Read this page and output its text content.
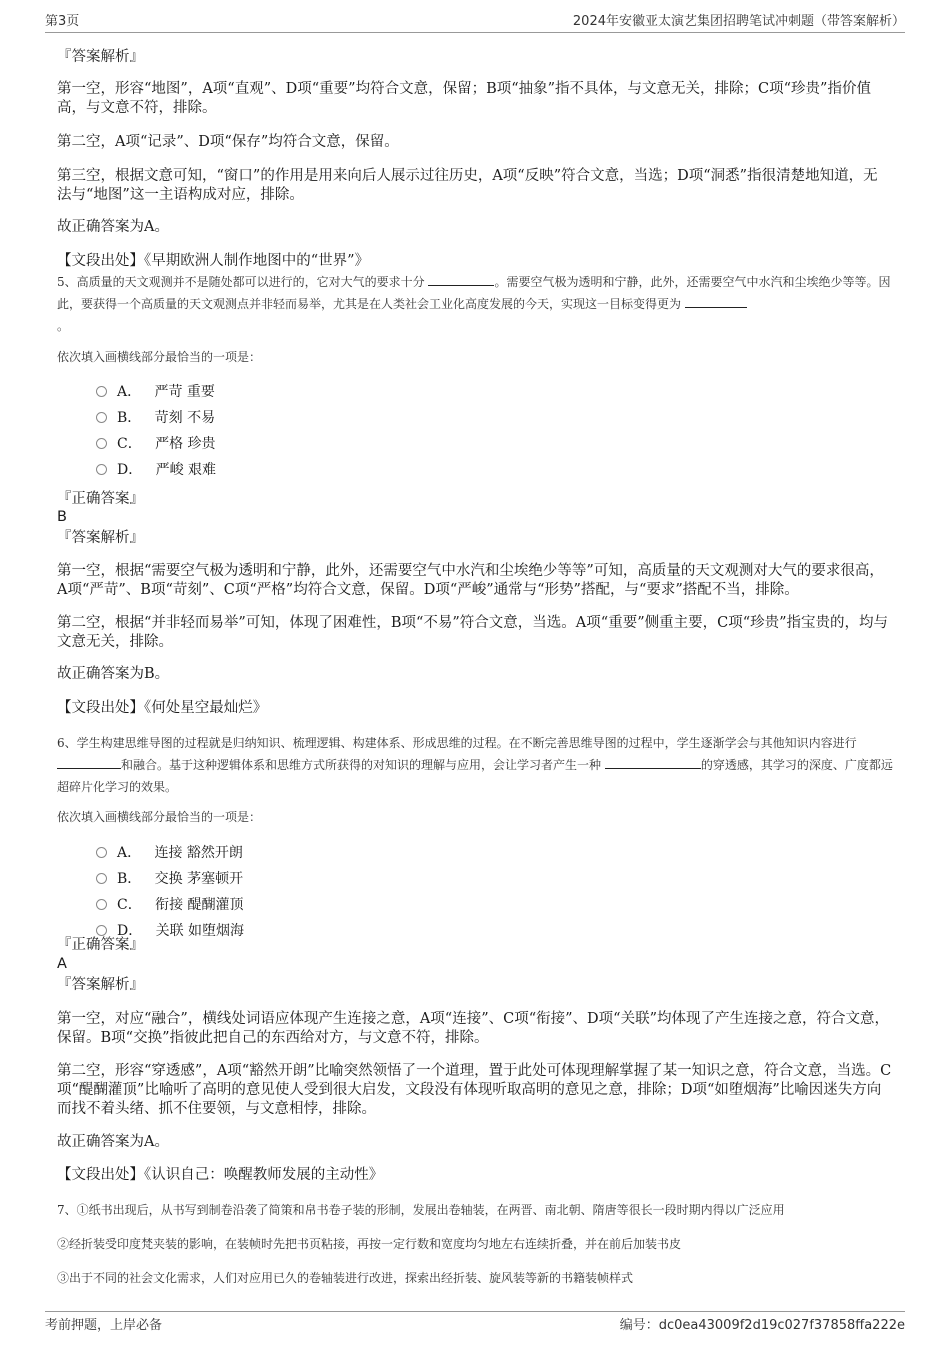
第3页	2024年安徽亚太演艺集团招聘笔试冲刺题（带答案解析）
『答案解析』
第一空，形容“地图”，A项“直观”、D项“重要”均符合文意，保留；B项“抽象”指不具体，与文意无关，排除；C项“珍贵”指价值高，与文意不符，排除。
第二空，A项“记录”、D项“保存”均符合文意，保留。
第三空，根据文意可知，“窗口”的作用是用来向后人展示过往历史，A项“反映”符合文意，当选；D项“洞悉”指很清楚地知道，无法与“地图”这一主语构成对应，排除。
故正确答案为A。
【文段出处】《早期欧洲人制作地图中的“世界”》
5、高质量的天文观测并不是随处都可以进行的，它对大气的要求十分	。需要空气极为透明和宁静，此外，还需要空气中水汽和尘埃绝少等等。因此，要获得一个高质量的天文观测点并非轻而易举，尤其是在人类社会工业化高度发展的今天，实现这一目标变得更为
。
依次填入画横线部分最恰当的一项是：
A． 严苛 重要
B． 苛刻 不易
C． 严格 珍贵
D． 严峻 艰难
『正确答案』
B
『答案解析』
第一空，根据“需要空气极为透明和宁静，此外，还需要空气中水汽和尘埃绝少等等”可知，高质量的天文观测对大气的要求很高，A项“严苛”、B项“苛刻”、C项“严格”均符合文意，保留。D项“严峻”通常与“形势”搭配，与“要求”搭配不当，排除。
第二空，根据“并非轻而易举”可知，体现了困难性，B项“不易”符合文意，当选。A项“重要”侧重主要，C项“珍贵”指宝贵的，均与文意无关，排除。
故正确答案为B。
【文段出处】《何处星空最灿烂》
6、学生构建思维导图的过程就是归纳知识、梳理逻辑、构建体系、形成思维的过程。在不断完善思维导图的过程中，学生逐渐学会与其他知识内容进行 和融合。基于这种逻辑体系和思维方式所获得的对知识的理解与应用，会让学习者产生一种	的穿透感，其学习的深度、广度都远超碎片化学习的效果。
依次填入画横线部分最恰当的一项是：
A． 连接 豁然开朗
B． 交换 茅塞顿开
C． 衔接 醍醐灌顶
D． 关联 如堕烟海
『正确答案』
A
『答案解析』
第一空，对应“融合”，横线处词语应体现产生连接之意，A项“连接”、C项“衔接”、D项“关联”均体现了产生连接之意，符合文意，保留。B项“交换”指彼此把自己的东西给对方，与文意不符，排除。
第二空，形容“穿透感”，A项“豁然开朗”比喻突然领悟了一个道理，置于此处可体现理解掌握了某一知识之意，符合文意，当选。C项“醍醐灌顶”比喻听了高明的意见使人受到很大启发，文段没有体现听取高明的意见之意，排除；D项“如堕烟海”比喻因迷失方向而找不着头绪、抓不住要领，与文意相悖，排除。
故正确答案为A。
【文段出处】《认识自己：唤醒教师发展的主动性》
7、①纸书出现后，从书写到制卷沿袭了简策和帛书卷子装的形制，发展出卷轴装，在两晋、南北朝、隋唐等很长一段时期内得以广泛应用
②经折装受印度梵夹装的影响，在装帧时先把书页粘接，再按一定行数和宽度均匀地左右连续折叠，并在前后加装书皮
③出于不同的社会文化需求，人们对应用已久的卷轴装进行改进，探索出经折装、旋风装等新的书籍装帧样式
考前押题，上岸必备	编号：dc0ea43009f2d19c027f37858ffa222e
